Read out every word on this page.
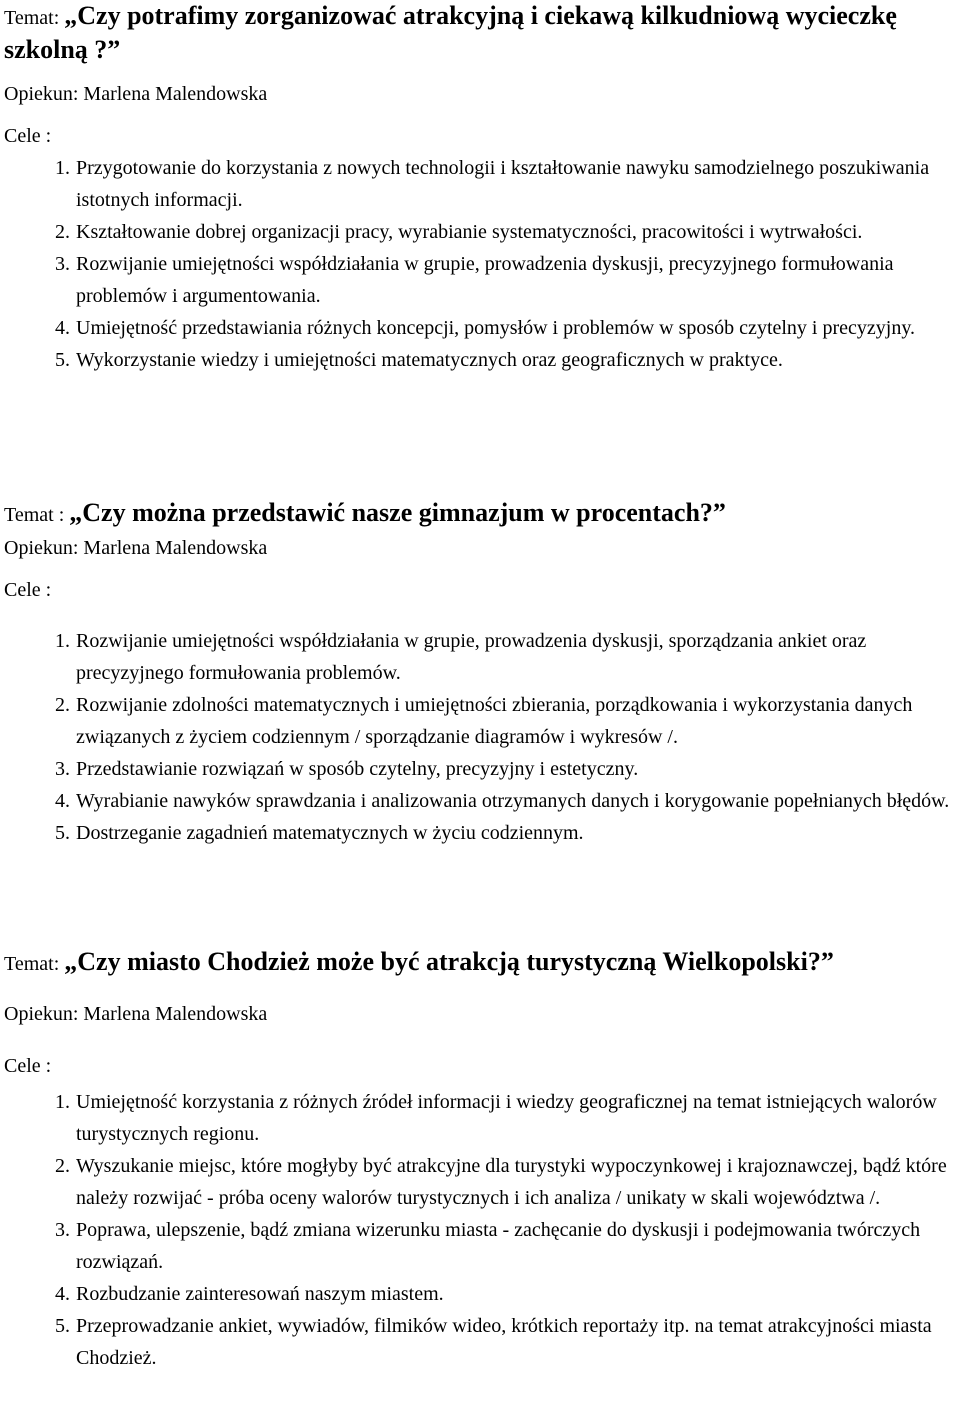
Temat: „Czy potrafimy zorganizować atrakcyjną i ciekawą kilkudniową wycieczkę szkolną ?”

Opiekun: Marlena Malendowska

Cele :

1. Przygotowanie do korzystania z nowych technologii i kształtowanie nawyku samodzielnego poszukiwania istotnych informacji.
2. Kształtowanie dobrej organizacji pracy, wyrabianie systematyczności, pracowitości i wytrwałości.
3. Rozwijanie umiejętności współdziałania w grupie, prowadzenia dyskusji, precyzyjnego formułowania problemów i argumentowania.
4. Umiejętność przedstawiania różnych koncepcji, pomysłów i problemów w sposób czytelny i precyzyjny.
5. Wykorzystanie wiedzy i umiejętności matematycznych oraz geograficznych w praktyce.

Temat : „Czy można przedstawić nasze gimnazjum w procentach?”

Opiekun: Marlena Malendowska

Cele :

1. Rozwijanie umiejętności współdziałania w grupie, prowadzenia dyskusji, sporządzania ankiet oraz precyzyjnego formułowania problemów.
2. Rozwijanie zdolności matematycznych i umiejętności zbierania, porządkowania i wykorzystania danych związanych z życiem codziennym / sporządzanie diagramów i wykresów /.
3. Przedstawianie rozwiązań w sposób czytelny, precyzyjny i estetyczny.
4. Wyrabianie nawyków sprawdzania i analizowania otrzymanych danych i korygowanie popełnianych błędów.
5. Dostrzeganie zagadnień matematycznych w życiu codziennym.

Temat: „Czy miasto Chodzież może być atrakcją turystyczną Wielkopolski?”

Opiekun: Marlena Malendowska

Cele :

1. Umiejętność korzystania z różnych źródeł informacji i wiedzy geograficznej na temat istniejących walorów turystycznych regionu.
2. Wyszukanie miejsc, które mogłyby być atrakcyjne dla turystyki wypoczynkowej i krajoznawczej, bądź które należy rozwijać - próba oceny walorów turystycznych i ich analiza / unikaty w skali województwa /.
3. Poprawa, ulepszenie, bądź zmiana wizerunku miasta - zachęcanie do dyskusji i podejmowania twórczych rozwiązań.
4. Rozbudzanie zainteresowań naszym miastem.
5. Przeprowadzanie ankiet, wywiadów, filmików wideo, krótkich reportaży itp. na temat atrakcyjności miasta Chodzież.
